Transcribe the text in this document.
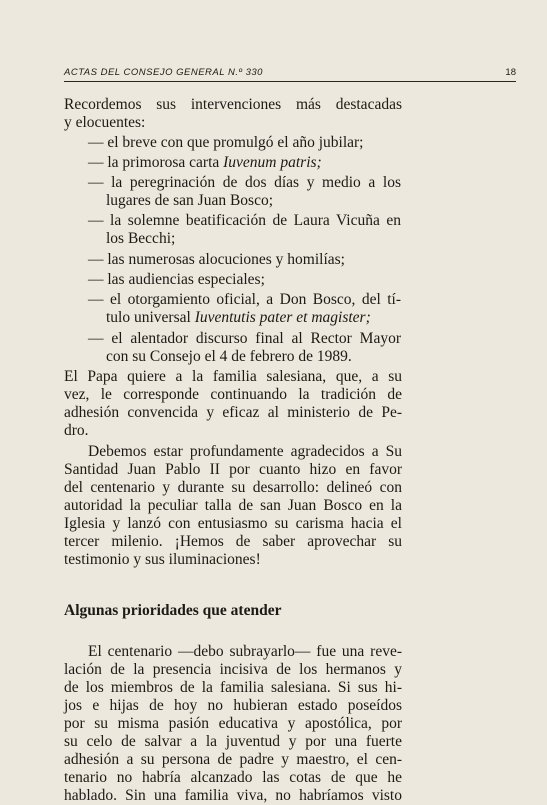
ACTAS DEL CONSEJO GENERAL N.º 330	18
Recordemos sus intervenciones más destacadas
y elocuentes:
— el breve con que promulgó el año jubilar;
— la primorosa carta Iuvenum patris;
— la peregrinación de dos días y medio a los
lugares de san Juan Bosco;
— la solemne beatificación de Laura Vicuña en
los Becchi;
— las numerosas alocuciones y homilías;
— las audiencias especiales;
— el otorgamiento oficial, a Don Bosco, del tí-
tulo universal Iuventutis pater et magister;
— el alentador discurso final al Rector Mayor
con su Consejo el 4 de febrero de 1989.
El Papa quiere a la familia salesiana, que, a su
vez, le corresponde continuando la tradición de
adhesión convencida y eficaz al ministerio de Pe-
dro.
Debemos estar profundamente agradecidos a Su
Santidad Juan Pablo II por cuanto hizo en favor
del centenario y durante su desarrollo: delineó con
autoridad la peculiar talla de san Juan Bosco en la
Iglesia y lanzó con entusiasmo su carisma hacia el
tercer milenio. ¡Hemos de saber aprovechar su
testimonio y sus iluminaciones!
Algunas prioridades que atender
El centenario —debo subrayarlo— fue una reve-
lación de la presencia incisiva de los hermanos y
de los miembros de la familia salesiana. Si sus hi-
jos e hijas de hoy no hubieran estado poseídos
por su misma pasión educativa y apostólica, por
su celo de salvar a la juventud y por una fuerte
adhesión a su persona de padre y maestro, el cen-
tenario no habría alcanzado las cotas de que he
hablado. Sin una familia viva, no habríamos visto
